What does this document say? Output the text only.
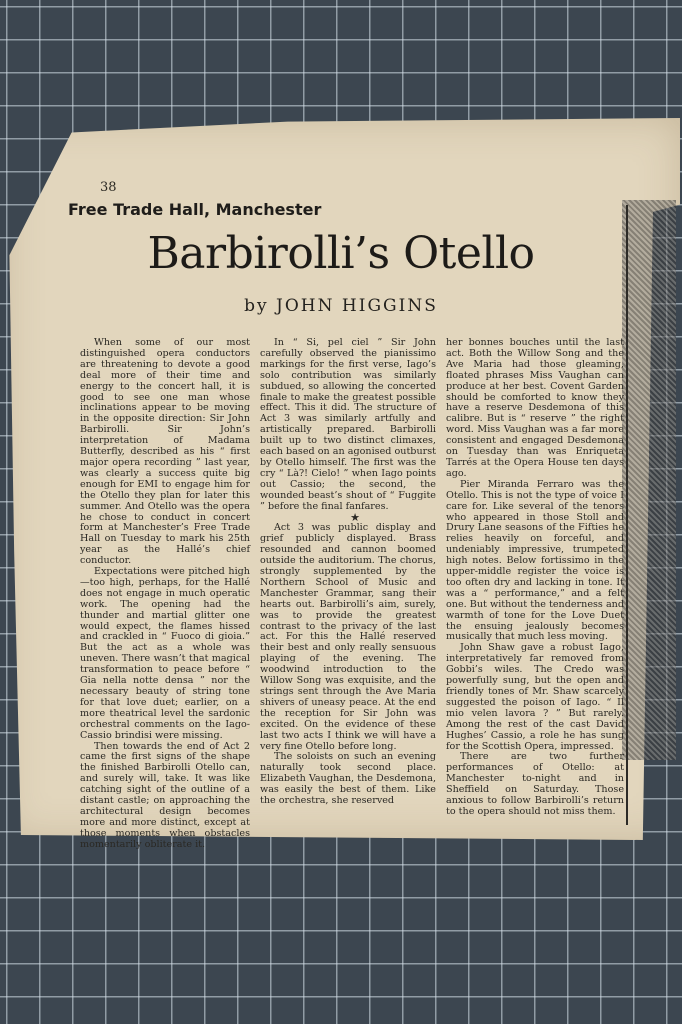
38
Free Trade Hall, Manchester
Barbirolli’s Otello
by JOHN HIGGINS

When some of our most distinguished opera conductors are threatening to devote a good deal more of their time and energy to the concert hall, it is good to see one man whose inclinations appear to be moving in the opposite direction: Sir John Barbirolli. Sir John’s interpretation of Madama Butterfly, described as his “ first major opera recording ” last year, was clearly a success quite big enough for EMI to engage him for the Otello they plan for later this summer. And Otello was the opera he chose to conduct in concert form at Manchester’s Free Trade Hall on Tuesday to mark his 25th year as the Hallé’s chief conductor.

Expectations were pitched high—too high, perhaps, for the Hallé does not engage in much operatic work. The opening had the thunder and martial glitter one would expect, the flames hissed and crackled in “ Fuoco di gioia.” But the act as a whole was uneven. There wasn’t that magical transformation to peace before “ Gia nella notte densa ” nor the necessary beauty of string tone for that love duet; earlier, on a more theatrical level the sardonic orchestral comments on the Iago-Cassio brindisi were missing.

Then towards the end of Act 2 came the first signs of the shape the finished Barbirolli Otello can, and surely will, take. It was like catching sight of the outline of a distant castle; on approaching the architectural design becomes more and more distinct, except at those moments when obstacles momentarily obliterate it.

In “ Si, pel ciel ” Sir John carefully observed the pianissimo markings for the first verse, Iago’s solo contribution was similarly subdued, so allowing the concerted finale to make the greatest possible effect. This it did. The structure of Act 3 was similarly artfully and artistically prepared. Barbirolli built up to two distinct climaxes, each based on an agonised outburst by Otello himself. The first was the cry “ Là?! Cielo! ” when Iago points out Cassio; the second, the wounded beast’s shout of “ Fuggite ” before the final fanfares.

★

Act 3 was public display and grief publicly displayed. Brass resounded and cannon boomed outside the auditorium. The chorus, strongly supplemented by the Northern School of Music and Manchester Grammar, sang their hearts out. Barbirolli’s aim, surely, was to provide the greatest contrast to the privacy of the last act. For this the Hallé reserved their best and only really sensuous playing of the evening. The woodwind introduction to the Willow Song was exquisite, and the strings sent through the Ave Maria shivers of uneasy peace. At the end the reception for Sir John was excited. On the evidence of these last two acts I think we will have a very fine Otello before long.

The soloists on such an evening naturally took second place. Elizabeth Vaughan, the Desdemona, was easily the best of them. Like the orchestra, she reserved

her bonnes bouches until the last act. Both the Willow Song and the Ave Maria had those gleaming, floated phrases Miss Vaughan can produce at her best. Covent Garden should be comforted to know they have a reserve Desdemona of this calibre. But is “ reserve ” the right word. Miss Vaughan was a far more consistent and engaged Desdemona on Tuesday than was Enriqueta Tarrés at the Opera House ten days ago.

Pier Miranda Ferraro was the Otello. This is not the type of voice I care for. Like several of the tenors who appeared in those Stoll and Drury Lane seasons of the Fifties he relies heavily on forceful, and undeniably impressive, trumpeted high notes. Below fortissimo in the upper-middle register the voice is too often dry and lacking in tone. It was a “ performance,” and a felt one. But without the tenderness and warmth of tone for the Love Duet the ensuing jealously becomes musically that much less moving.

John Shaw gave a robust Iago, interpretatively far removed from Gobbi’s wiles. The Credo was powerfully sung, but the open and friendly tones of Mr. Shaw scarcely suggested the poison of Iago. “ Il mio velen lavora ? ” But rarely. Among the rest of the cast David Hughes’ Cassio, a role he has sung for the Scottish Opera, impressed.

There are two further performances of Otello: at Manchester to-night and in Sheffield on Saturday. Those anxious to follow Barbirolli’s return to the opera should not miss them.
